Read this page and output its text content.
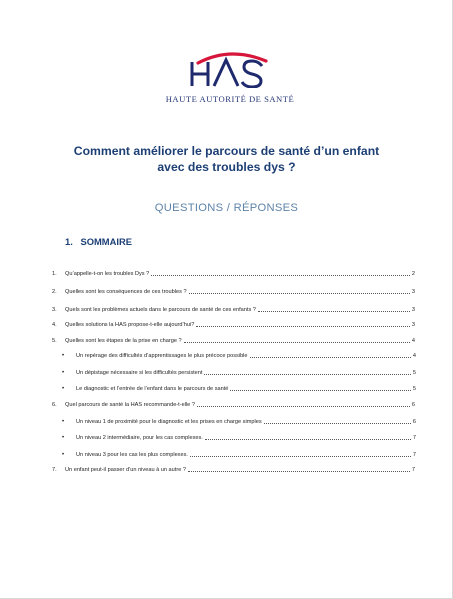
HAUTE AUTORITÉ DE SANTÉ
Comment améliorer le parcours de santé d’un enfant
avec des troubles dys ?
QUESTIONS / RÉPONSES
1. SOMMAIRE
1. Qu’appelle-t-on les troubles Dys ?	2
2. Quelles sont les conséquences de ces troubles ?	3
3. Quels sont les problèmes actuels dans le parcours de santé de ces enfants ?	3
4. Quelles solutions la HAS propose-t-elle aujourd’hui?	3
5. Quelles sont les étapes de la prise en charge ?	4
• Un repérage des difficultés d’apprentissages le plus précoce possible	4
• Un dépistage nécessaire si les difficultés persistent	5
• Le diagnostic et l’entrée de l’enfant dans le parcours de santé	5
6. Quel parcours de santé la HAS recommande-t-elle ?	6
• Un niveau 1 de proximité pour le diagnostic et les prises en charge simples	6
• Un niveau 2 intermédiaire, pour les cas complexes.	7
• Un niveau 3 pour les cas les plus complexes.	7
7. Un enfant peut-il passer d’un niveau à un autre ?	7
